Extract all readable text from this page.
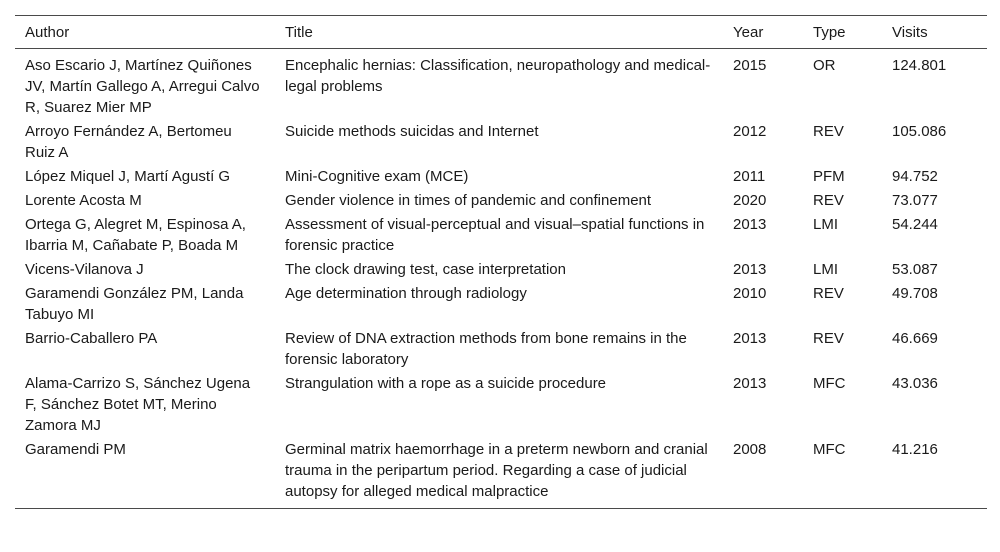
Author	Title	Year	Type	Visits
Aso Escario J, Martínez Quiñones JV, Martín Gallego A, Arregui Calvo R, Suarez Mier MP	Encephalic hernias: Classification, neuropathology and medical-legal problems	2015	OR	124.801
Arroyo Fernández A, Bertomeu Ruiz A	Suicide methods suicidas and Internet	2012	REV	105.086
López Miquel J, Martí Agustí G	Mini-Cognitive exam (MCE)	2011	PFM	94.752
Lorente Acosta M	Gender violence in times of pandemic and confinement	2020	REV	73.077
Ortega G, Alegret M, Espinosa A, Ibarria M, Cañabate P, Boada M	Assessment of visual-perceptual and visual–spatial functions in forensic practice	2013	LMI	54.244
Vicens-Vilanova J	The clock drawing test, case interpretation	2013	LMI	53.087
Garamendi González PM, Landa Tabuyo MI	Age determination through radiology	2010	REV	49.708
Barrio-Caballero PA	Review of DNA extraction methods from bone remains in the forensic laboratory	2013	REV	46.669
Alama-Carrizo S, Sánchez Ugena F, Sánchez Botet MT, Merino Zamora MJ	Strangulation with a rope as a suicide procedure	2013	MFC	43.036
Garamendi PM	Germinal matrix haemorrhage in a preterm newborn and cranial trauma in the peripartum period. Regarding a case of judicial autopsy for alleged medical malpractice	2008	MFC	41.216
